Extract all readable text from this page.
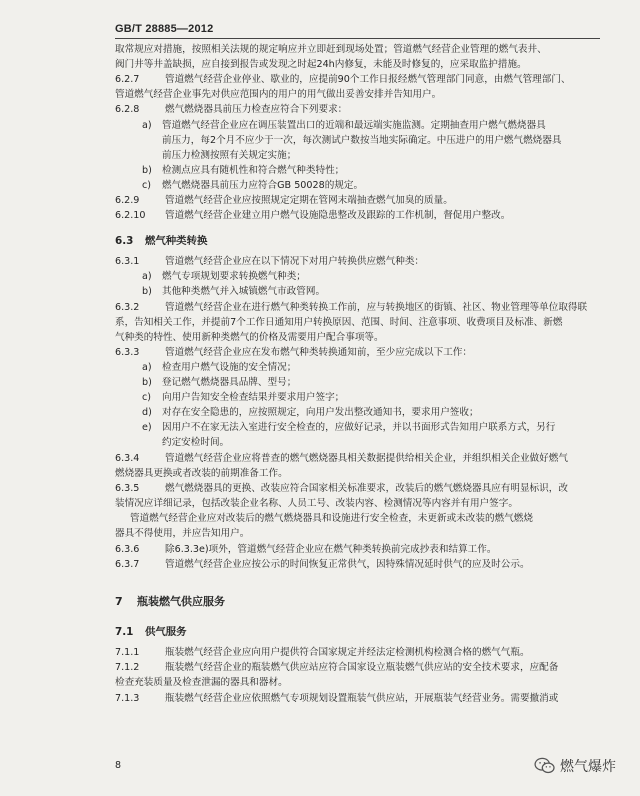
GB/T 28885—2012
取常规应对措施，按照相关法规的规定响应并立即赶到现场处置；管道燃气经营企业管理的燃气表井、
阀门井等井盖缺损，应自接到报告或发现之时起24h内修复，未能及时修复的，应采取监护措施。
6.2.7	管道燃气经营企业停业、歇业的，应提前90个工作日报经燃气管理部门同意，由燃气管理部门、
管道燃气经营企业事先对供应范围内的用户的用气做出妥善安排并告知用户。
6.2.8	燃气燃烧器具前压力检查应符合下列要求：
a) 管道燃气经营企业应在调压装置出口的近端和最远端实施监测。定期抽查用户燃气燃烧器具
前压力，每2个月不应少于一次，每次测试户数按当地实际确定。中压进户的用户燃气燃烧器具
前压力检测按照有关规定实施；
b) 检测点应具有随机性和符合燃气种类特性；
c) 燃气燃烧器具前压力应符合GB 50028的规定。
6.2.9	管道燃气经营企业应按照规定定期在管网末端抽查燃气加臭的质量。
6.2.10 管道燃气经营企业建立用户燃气设施隐患整改及跟踪的工作机制，督促用户整改。
6.3 燃气种类转换
6.3.1	管道燃气经营企业应在以下情况下对用户转换供应燃气种类：
a) 燃气专项规划要求转换燃气种类；
b) 其他种类燃气并入城镇燃气市政管网。
6.3.2	管道燃气经营企业在进行燃气种类转换工作前，应与转换地区的街镇、社区、物业管理等单位取得联
系，告知相关工作，并提前7个工作日通知用户转换原因、范围、时间、注意事项、收费项目及标准、新燃
气种类的特性、使用新种类燃气的价格及需要用户配合事项等。
6.3.3	管道燃气经营企业应在发布燃气种类转换通知前，至少应完成以下工作：
a) 检查用户燃气设施的安全情况；
b) 登记燃气燃烧器具品牌、型号；
c) 向用户告知安全检查结果并要求用户签字；
d) 对存在安全隐患的，应按照规定，向用户发出整改通知书，要求用户签收；
e) 因用户不在家无法入室进行安全检查的，应做好记录，并以书面形式告知用户联系方式，另行
约定安检时间。
6.3.4	管道燃气经营企业应将普查的燃气燃烧器具相关数据提供给相关企业，并组织相关企业做好燃气
燃烧器具更换或者改装的前期准备工作。
6.3.5	燃气燃烧器具的更换、改装应符合国家相关标准要求，改装后的燃气燃烧器具应有明显标识，改
装情况应详细记录，包括改装企业名称、人员工号、改装内容、检测情况等内容并有用户签字。
管道燃气经营企业应对改装后的燃气燃烧器具和设施进行安全检查，未更新或未改装的燃气燃烧
器具不得使用，并应告知用户。
6.3.6	除6.3.3e)项外，管道燃气经营企业应在燃气种类转换前完成抄表和结算工作。
6.3.7	管道燃气经营企业应按公示的时间恢复正常供气，因特殊情况延时供气的应及时公示。
7 瓶装燃气供应服务
7.1 供气服务
7.1.1	瓶装燃气经营企业应向用户提供符合国家规定并经法定检测机构检测合格的燃气气瓶。
7.1.2	瓶装燃气经营企业的瓶装燃气供应站应符合国家设立瓶装燃气供应站的安全技术要求，应配备
检查充装质量及检查泄漏的器具和器材。
7.1.3	瓶装燃气经营企业应依照燃气专项规划设置瓶装气供应站，开展瓶装气经营业务。需要撤消或
8	燃气爆炸
